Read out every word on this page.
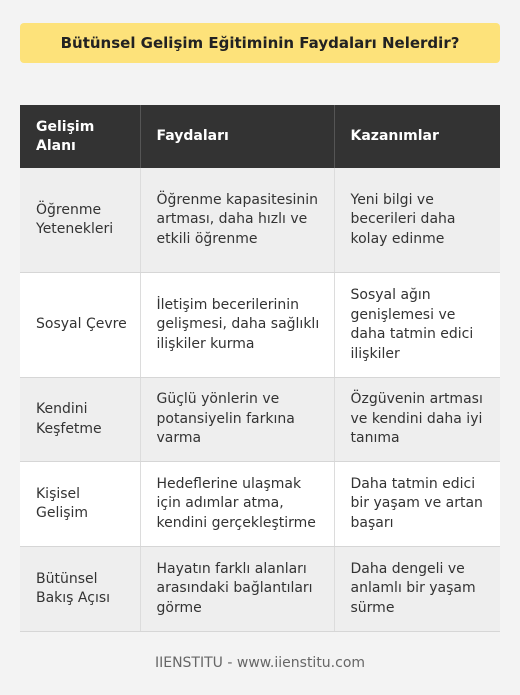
Bütünsel Gelişim Eğitiminin Faydaları Nelerdir?
Gelişim Alanı	Faydaları	Kazanımlar
Öğrenme Yetenekleri	Öğrenme kapasitesinin artması, daha hızlı ve etkili öğrenme	Yeni bilgi ve becerileri daha kolay edinme
Sosyal Çevre	İletişim becerilerinin gelişmesi, daha sağlıklı ilişkiler kurma	Sosyal ağın genişlemesi ve daha tatmin edici ilişkiler
Kendini Keşfetme	Güçlü yönlerin ve potansiyelin farkına varma	Özgüvenin artması ve kendini daha iyi tanıma
Kişisel Gelişim	Hedeflerine ulaşmak için adımlar atma, kendini gerçekleştirme	Daha tatmin edici bir yaşam ve artan başarı
Bütünsel Bakış Açısı	Hayatın farklı alanları arasındaki bağlantıları görme	Daha dengeli ve anlamlı bir yaşam sürme
IIENSTITU - www.iienstitu.com
